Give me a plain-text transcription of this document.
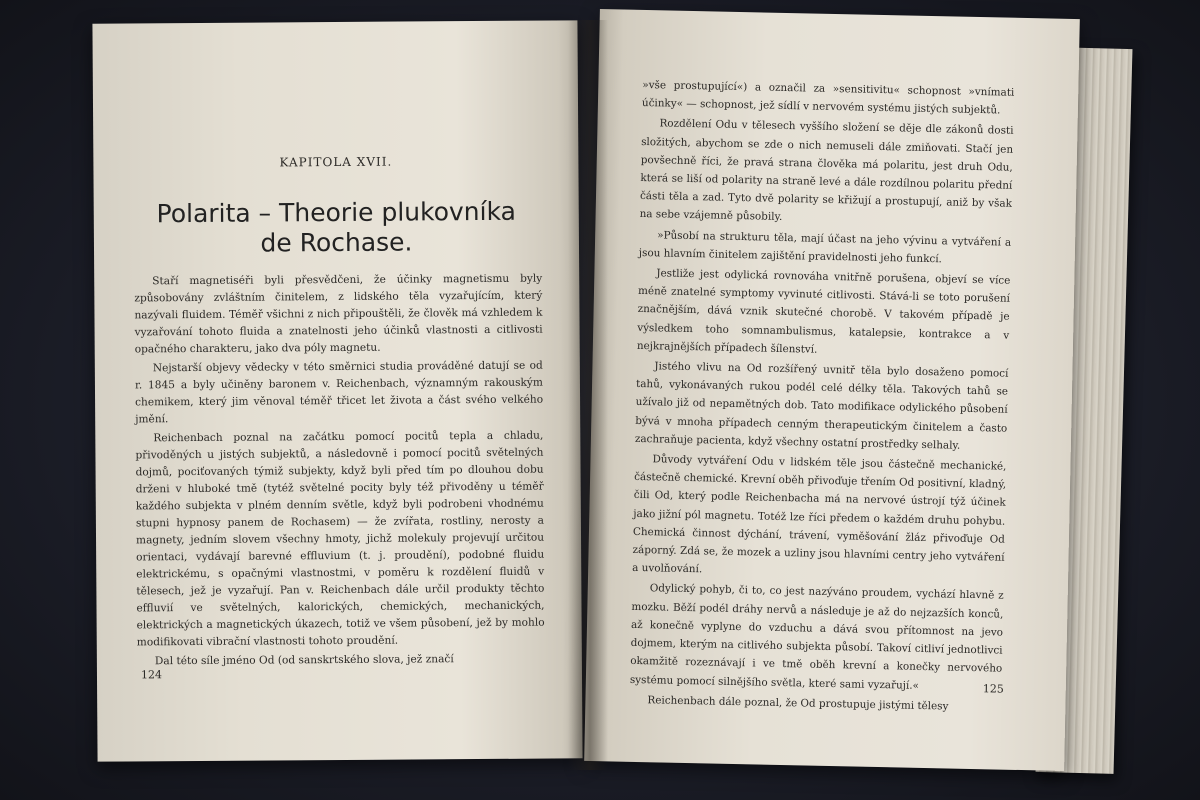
KAPITOLA XVII.
Polarita – Theorie plukovníka
de Rochase.

Staří magnetiséři byli přesvědčeni, že účinky magnetismu byly způsobovány zvláštním činitelem, z lidského těla vyzařujícím, který nazývali fluidem. Téměř všichni z nich připouštěli, že člověk má vzhledem k vyzařování tohoto fluida a znatelnosti jeho účinků vlastnosti a citlivosti opačného charakteru, jako dva póly magnetu.

Nejstarší objevy vědecky v této směrnici studia prováděné datují se od r. 1845 a byly učiněny baronem v. Reichenbach, významným rakouským chemikem, který jim věnoval téměř třicet let života a část svého velkého jmění.

Reichenbach poznal na začátku pomocí pocitů tepla a chladu, přivoděných u jistých subjektů, a následovně i pomocí pocitů světelných dojmů, pociťovaných týmiž subjekty, když byli před tím po dlouhou dobu drženi v hluboké tmě (tytéž světelné pocity byly též přivoděny u téměř každého subjekta v plném denním světle, když byli podrobeni vhodnému stupni hypnosy panem de Rochasem) — že zvířata, rostliny, nerosty a magnety, jedním slovem všechny hmoty, jichž molekuly projevují určitou orientaci, vydávají barevné effluvium (t. j. proudění), podobné fluidu elektrickému, s opačnými vlastnostmi, v poměru k rozdělení fluidů v tělesech, jež je vyzařují. Pan v. Reichenbach dále určil produkty těchto effluvií ve světelných, kalorických, chemických, mechanických, elektrických a magnetických úkazech, totiž ve všem působení, jež by mohlo modifikovati vibrační vlastnosti tohoto proudění.

Dal této síle jméno Od (od sanskrtského slova, jež značí

124

»vše prostupující«) a označil za »sensitivitu« schopnost »vnímati účinky« — schopnost, jež sídlí v nervovém systému jistých subjektů.

Rozdělení Odu v tělesech vyššího složení se děje dle zákonů dosti složitých, abychom se zde o nich nemuseli dále zmiňovati. Stačí jen povšechně říci, že pravá strana člověka má polaritu, jest druh Odu, která se liší od polarity na straně levé a dále rozdílnou polaritu přední části těla a zad. Tyto dvě polarity se křižují a prostupují, aniž by však na sebe vzájemně působily.

»Působí na strukturu těla, mají účast na jeho vývinu a vytváření a jsou hlavním činitelem zajištění pravidelnosti jeho funkcí.

Jestliže jest odylická rovnováha vnitřně porušena, objeví se více méně znatelné symptomy vyvinuté citlivosti. Stává-li se toto porušení značnějším, dává vznik skutečné chorobě. V takovém případě je výsledkem toho somnambulismus, katalepsie, kontrakce a v nejkrajnějších případech šílenství.

Jistého vlivu na Od rozšířený uvnitř těla bylo dosaženo pomocí tahů, vykonávaných rukou podél celé délky těla. Takových tahů se užívalo již od nepamětných dob. Tato modifikace odylického působení bývá v mnoha případech cenným therapeutickým činitelem a často zachraňuje pacienta, když všechny ostatní prostředky selhaly.

Důvody vytváření Odu v lidském těle jsou částečně mechanické, částečně chemické. Krevní oběh přivoďuje třením Od positivní, kladný, čili Od, který podle Reichenbacha má na nervové ústrojí týž účinek jako jižní pól magnetu. Totéž lze říci předem o každém druhu pohybu. Chemická činnost dýchání, trávení, vyměšování žláz přivoďuje Od záporný. Zdá se, že mozek a uzliny jsou hlavními centry jeho vytváření a uvolňování.

Odylický pohyb, či to, co jest nazýváno proudem, vychází hlavně z mozku. Běží podél dráhy nervů a následuje je až do nejzazších konců, až konečně vyplyne do vzduchu a dává svou přítomnost na jevo dojmem, kterým na citlivého subjekta působí. Takoví citliví jednotlivci okamžitě rozeznávají i ve tmě oběh krevní a konečky nervového systému pomocí silnějšího světla, které sami vyzařují.«

Reichenbach dále poznal, že Od prostupuje jistými tělesy

125
